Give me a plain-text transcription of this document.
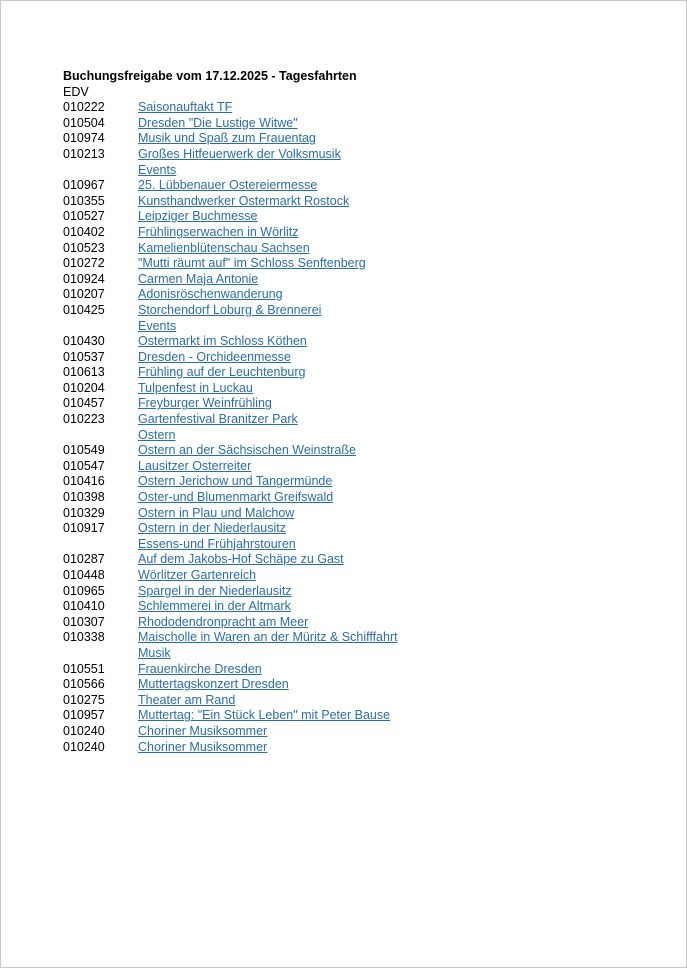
Buchungsfreigabe vom 17.12.2025 - Tagesfahrten
EDV
010222	Saisonauftakt TF
010504	Dresden "Die Lustige Witwe"
010974	Musik und Spaß zum Frauentag
010213	Großes Hitfeuerwerk der Volksmusik
Events
010967	25. Lübbenauer Ostereiermesse
010355	Kunsthandwerker Ostermarkt Rostock
010527	Leipziger Buchmesse
010402	Frühlingserwachen in Wörlitz
010523	Kamelienblütenschau Sachsen
010272	"Mutti räumt auf" im Schloss Senftenberg
010924	Carmen Maja Antonie
010207	Adonisröschenwanderung
010425	Storchendorf Loburg & Brennerei
Events
010430	Ostermarkt im Schloss Köthen
010537	Dresden - Orchideenmesse
010613	Frühling auf der Leuchtenburg
010204	Tulpenfest in Luckau
010457	Freyburger Weinfrühling
010223	Gartenfestival Branitzer Park
Ostern
010549	Ostern an der Sächsischen Weinstraße
010547	Lausitzer Osterreiter
010416	Ostern Jerichow und Tangermünde
010398	Oster-und Blumenmarkt Greifswald
010329	Ostern in Plau und Malchow
010917	Ostern in der Niederlausitz
Essens-und Frühjahrstouren
010287	Auf dem Jakobs-Hof Schäpe zu Gast
010448	Wörlitzer Gartenreich
010965	Spargel in der Niederlausitz
010410	Schlemmerei in der Altmark
010307	Rhododendronpracht am Meer
010338	Maischolle in Waren an der Müritz & Schifffahrt
Musik
010551	Frauenkirche Dresden
010566	Muttertagskonzert Dresden
010275	Theater am Rand
010957	Muttertag: "Ein Stück Leben" mit Peter Bause
010240	Choriner Musiksommer
010240	Choriner Musiksommer
